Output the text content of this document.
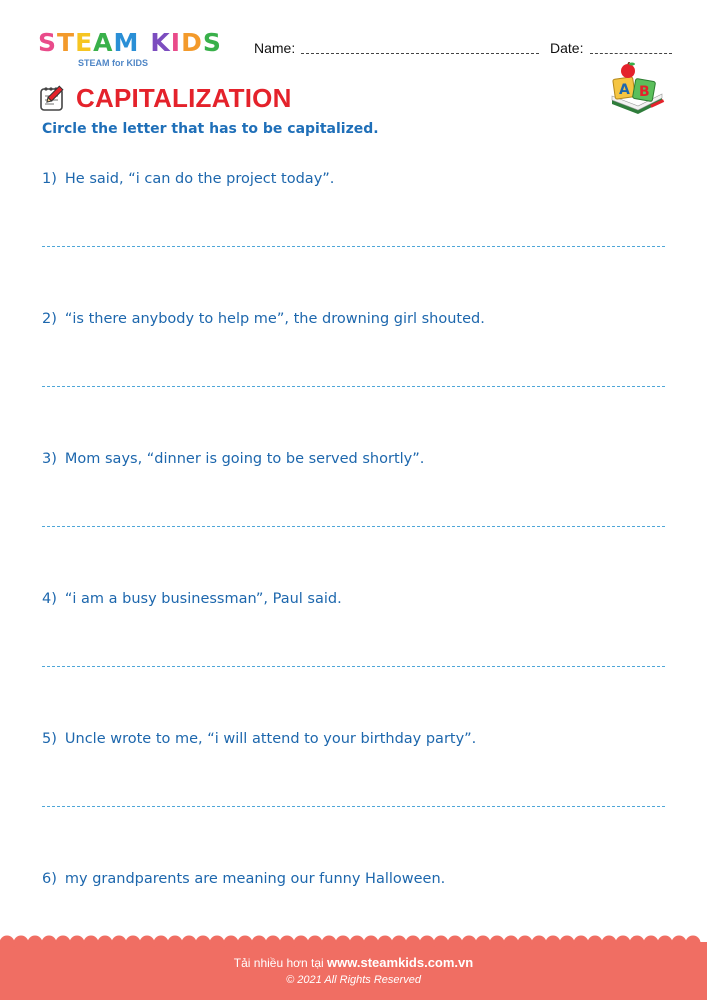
S T E A M K I D S
STEAM for KIDS
Name:	Date:
CAPITALIZATION	A B
Circle the letter that has to be capitalized.
1) He said, “i can do the project today”.
2) “is there anybody to help me”, the drowning girl shouted.
3) Mom says, “dinner is going to be served shortly”.
4) “i am a busy businessman”, Paul said.
5) Uncle wrote to me, “i will attend to your birthday party”.
6) my grandparents are meaning our funny Halloween.
Tải nhiều hơn tại www.steamkids.com.vn
© 2021 All Rights Reserved
